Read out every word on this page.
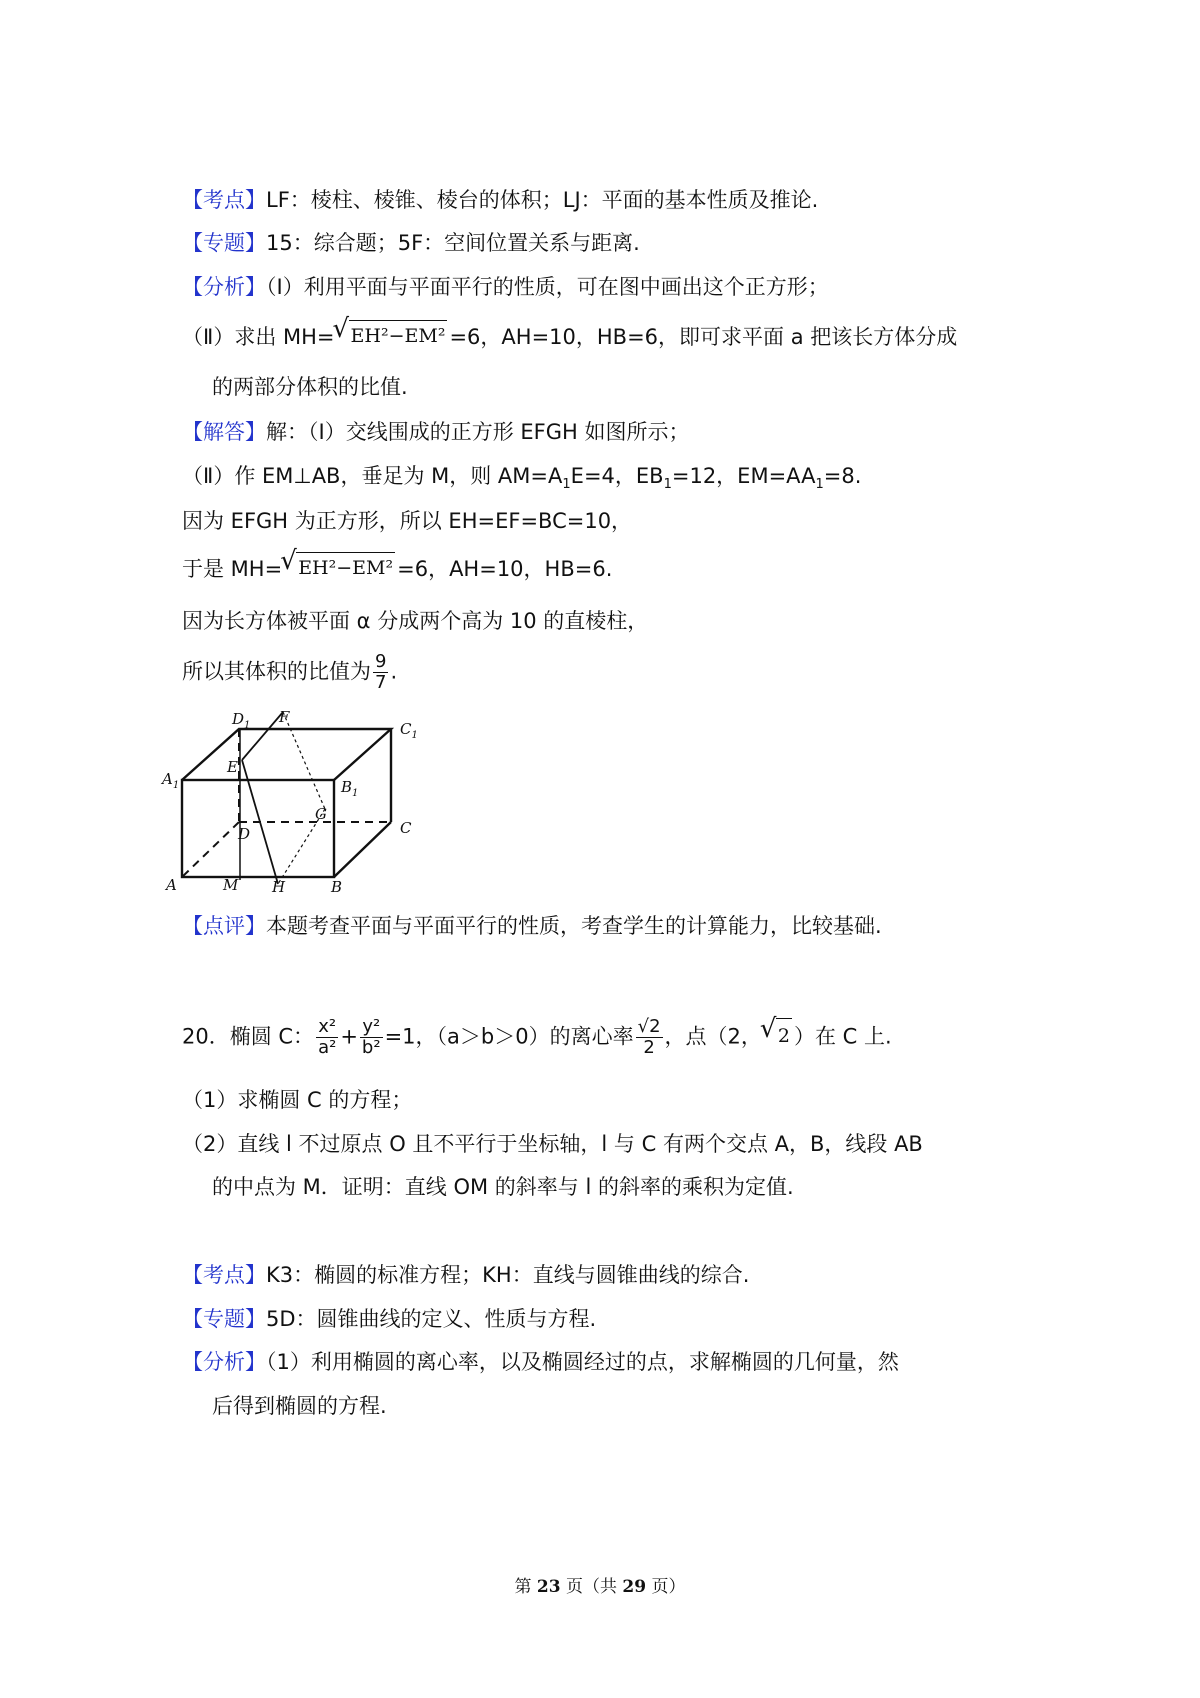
【考点】LF：棱柱、棱锥、棱台的体积；LJ：平面的基本性质及推论.
【专题】15：综合题；5F：空间位置关系与距离.
【分析】（Ⅰ）利用平面与平面平行的性质，可在图中画出这个正方形；
（Ⅱ）求出 MH= √ EH²−EM² =6，AH=10，HB=6，即可求平面 a 把该长方体分成
的两部分体积的比值.
【解答】解：（Ⅰ）交线围成的正方形 EFGH 如图所示；
（Ⅱ）作 EM⊥AB，垂足为 M，则 $AM=A_1E=4$，$EB_1=12$，$EM=AA_1=8$.
因为 EFGH 为正方形，所以 EH=EF=BC=10，
于是 MH= √ EH²−EM² =6，AH=10，HB=6.
因为长方体被平面 α 分成两个高为 10 的直棱柱，
所以其体积的比值为 $\frac{9}{7}$ .
$D_1$ F
$C_1$
$A_1$
E
$B_1$
G
D	C
A	M H	B
【点评】本题考查平面与平面平行的性质，考查学生的计算能力，比较基础.
20．椭圆 C： $\frac{\text{x²}}{\text{a²}} + \frac{\text{y²}}{\text{b²}} =1$，（a＞b＞0）的离心率 $\frac{√2}{2}$ ，点（2， √ 2 ）在 C 上.
（1）求椭圆 C 的方程；
（2）直线 l 不过原点 O 且不平行于坐标轴，l 与 C 有两个交点 A，B，线段 AB
的中点为 M．证明：直线 OM 的斜率与 l 的斜率的乘积为定值.
【考点】K3：椭圆的标准方程；KH：直线与圆锥曲线的综合.
【专题】5D：圆锥曲线的定义、性质与方程.
【分析】（1）利用椭圆的离心率，以及椭圆经过的点，求解椭圆的几何量，然
后得到椭圆的方程.
第 23 页（共 29 页）
